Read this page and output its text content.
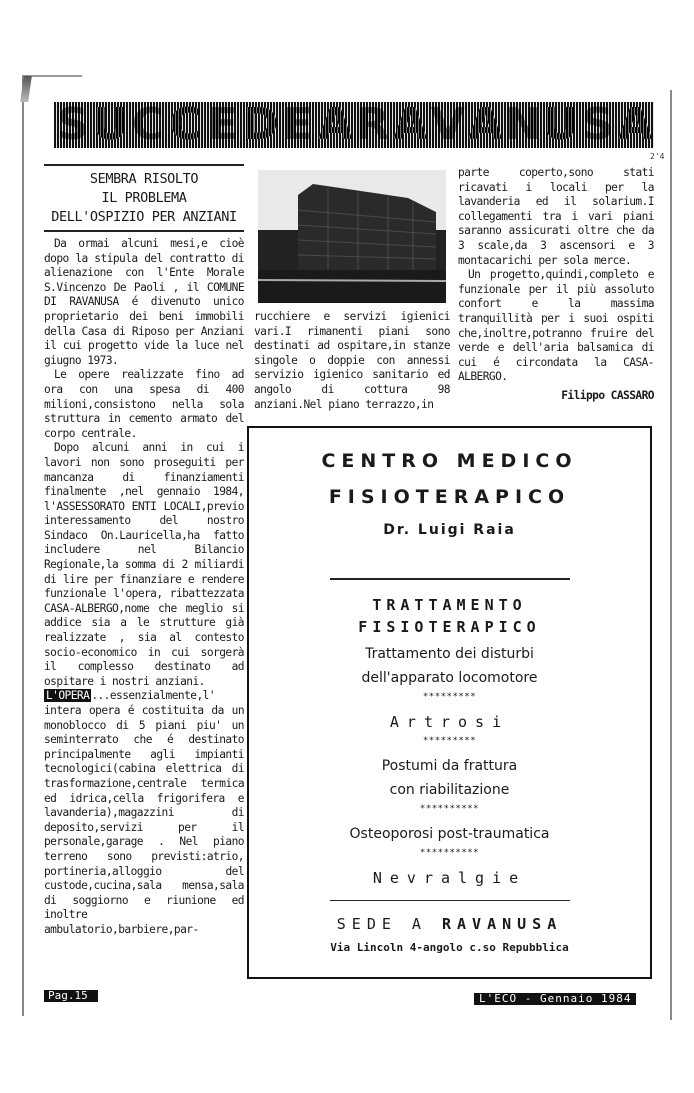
S U C C E D E A R A V A N U S A
2'4
SEMBRA RISOLTO
IL PROBLEMA
DELL'OSPIZIO PER ANZIANI

Da ormai alcuni mesi,e cioè dopo la stipula del contratto di alienazione con l'Ente Morale S.Vincenzo De Paoli , il COMUNE DI RAVANUSA é divenuto unico proprietario dei beni immobili della Casa di Riposo per Anziani il cui progetto vide la luce nel giugno 1973.

Le opere realizzate fino ad ora con una spesa di 400 milioni,consistono nella sola struttura in cemento armato del corpo centrale.

Dopo alcuni anni in cui i lavori non sono proseguiti per mancanza di finanziamenti finalmente ,nel gennaio 1984, l'ASSESSORATO ENTI LOCALI,previo interessamento del nostro Sindaco On.Lauricella,ha fatto includere nel Bilancio Regionale,la somma di 2 miliardi di lire per finanziare e rendere funzionale l'opera, ribattezzata CASA-ALBERGO,nome che meglio si addice sia a le strutture già realizzate , sia al contesto socio-economico in cui sorgerà il complesso destinato ad ospitare i nostri anziani.

L'OPERA ...essenzialmente,l' intera opera é costituita da un monoblocco di 5 piani piu' un seminterrato che é destinato principalmente agli impianti tecnologici(cabina elettrica di trasformazione,centrale termica ed idrica,cella frigorifera e lavanderia),magazzini di deposito,servizi per il personale,garage . Nel piano terreno sono previsti:atrio, portineria,alloggio del custode,cucina,sala mensa,sala di soggiorno e riunione ed inoltre ambulatorio,barbiere,par-

rucchiere e servizi igienici vari.I rimanenti piani sono destinati ad ospitare,in stanze singole o doppie con annessi servizio igienico sanitario ed angolo di cottura 98 anziani.Nel piano terrazzo,in

parte coperto,sono stati ricavati i locali per la lavanderia ed il solarium.I collegamenti tra i vari piani saranno assicurati oltre che da 3 scale,da 3 ascensori e 3 montacarichi per sola merce.

Un progetto,quindi,completo e funzionale per il più assoluto confort e la massima tranquillità per i suoi ospiti che,inoltre,potranno fruire del verde e dell'aria balsamica di cui é circondata la CASA-ALBERGO.

Filippo CASSARO

CENTRO MEDICO

FISIOTERAPICO

Dr. Luigi Raia
TRATTAMENTO
FISIOTERAPICO
Trattamento dei disturbi
dell'apparato locomotore
*********
Artrosi
*********
Postumi da frattura
con riabilitazione
**********
Osteoporosi post-traumatica
**********
Nevralgie
SEDE A RAVANUSA
Via Lincoln 4-angolo c.so Repubblica
Pag.15	L'ECO - Gennaio 1984
